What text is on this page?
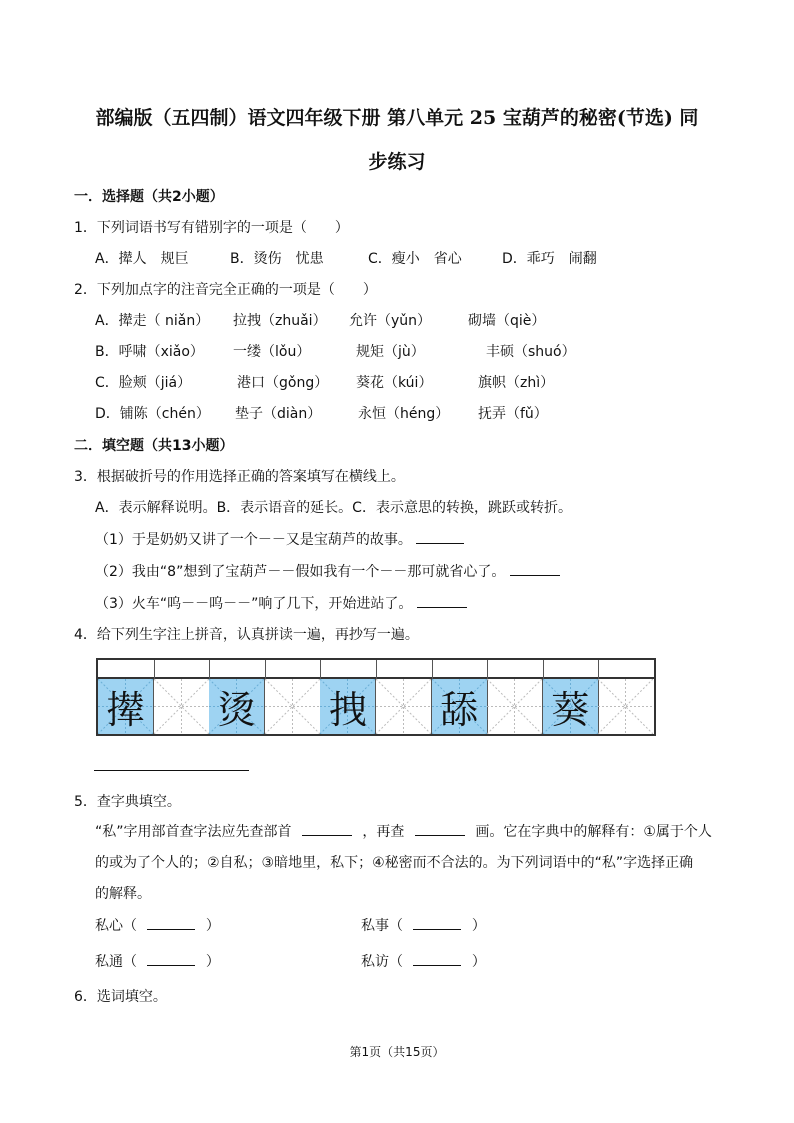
部编版（五四制）语文四年级下册 第八单元 25 宝葫芦的秘密(节选) 同
步练习
一．选择题（共2小题）
1．下列词语书写有错别字的一项是（　　）
A．撵人　规巨	B．烫伤　忧患	C．瘦小　省心	D．乖巧　闹翻
2．下列加点字的注音完全正确的一项是（　　）
A．撵走（ niǎn） 拉拽（zhuǎi） 允许（yǔn）	砌墙（qiè）
B．呼啸（xiǎo） 一缕（lǒu）	规矩（jù）	丰硕（shuó）
C．脸颊（jiá）	港口（gǒng） 葵花（kúi）	旗帜（zhì）
D．铺陈（chén） 垫子（diàn）	永恒（héng） 抚弄（fǔ）
二．填空题（共13小题）
3．根据破折号的作用选择正确的答案填写在横线上。
A．表示解释说明。B．表示语音的延长。C．表示意思的转换，跳跃或转折。
（1）于是奶奶又讲了一个－－又是宝葫芦的故事。
（2）我由“8”想到了宝葫芦－－假如我有一个－－那可就省心了。
（3）火车“呜－－呜－－”响了几下，开始进站了。
4．给下列生字注上拼音，认真拼读一遍，再抄写一遍。
撵 烫 拽 舔 葵
5．查字典填空。
“私”字用部首查字法应先查部首	，再查	画。它在字典中的解释有：①属于个人
的或为了个人的；②自私；③暗地里，私下；④秘密而不合法的。为下列词语中的“私”字选择正确
的解释。
私心（	）	私事（	）
私通（	）	私访（	）
6．选词填空。
第1页（共15页）
